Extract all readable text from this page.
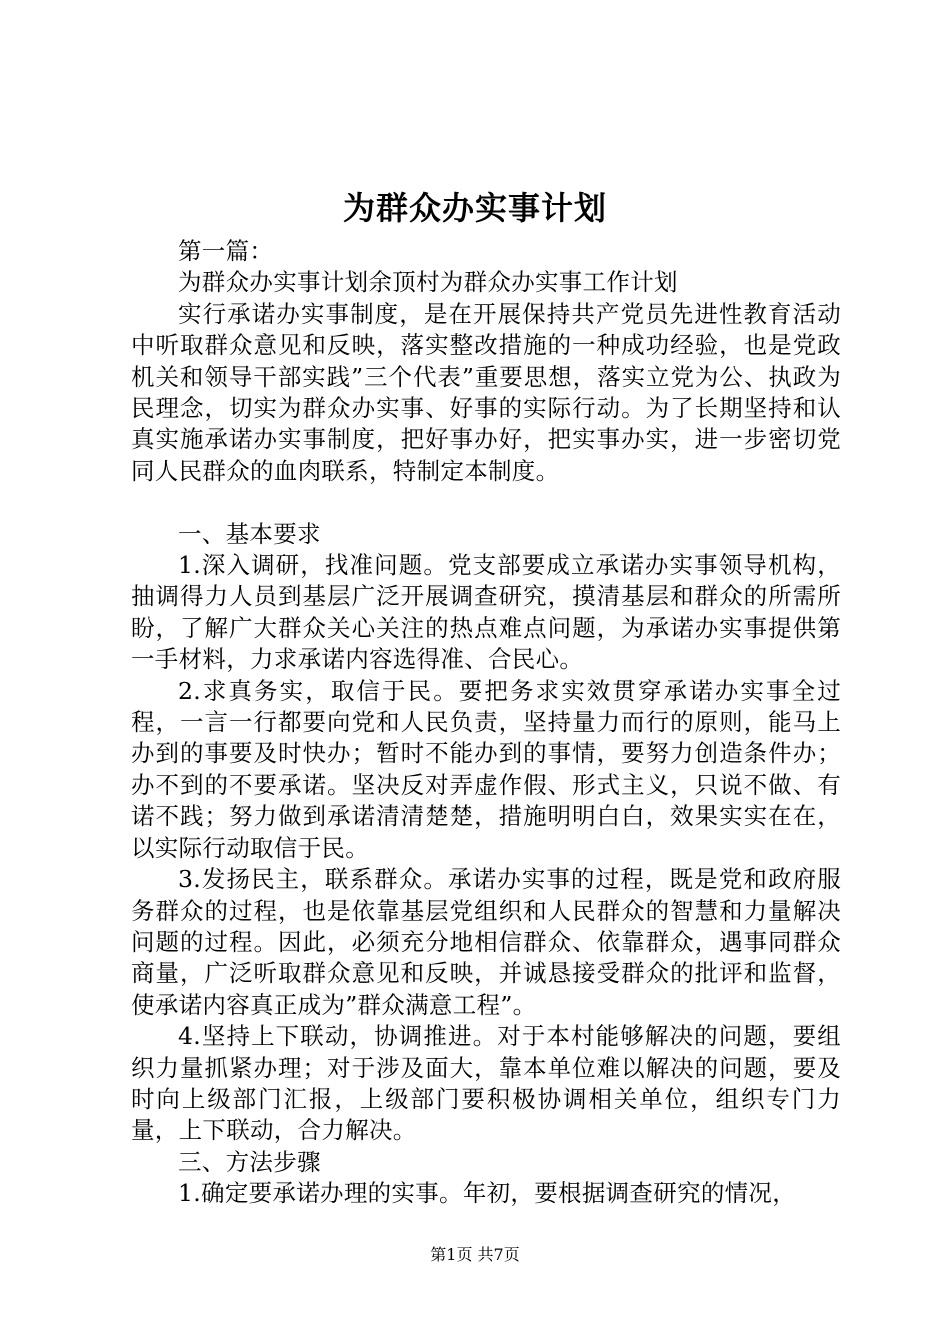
为群众办实事计划

第一篇：

为群众办实事计划余顶村为群众办实事工作计划

实行承诺办实事制度，是在开展保持共产党员先进性教育活动中听取群众意见和反映，落实整改措施的一种成功经验，也是党政机关和领导干部实践”三个代表”重要思想，落实立党为公、执政为民理念，切实为群众办实事、好事的实际行动。为了长期坚持和认真实施承诺办实事制度，把好事办好，把实事办实，进一步密切党同人民群众的血肉联系，特制定本制度。

一、基本要求

1.深入调研，找准问题。党支部要成立承诺办实事领导机构，抽调得力人员到基层广泛开展调查研究，摸清基层和群众的所需所盼，了解广大群众关心关注的热点难点问题，为承诺办实事提供第一手材料，力求承诺内容选得准、合民心。

2.求真务实，取信于民。要把务求实效贯穿承诺办实事全过程，一言一行都要向党和人民负责，坚持量力而行的原则，能马上办到的事要及时快办；暂时不能办到的事情，要努力创造条件办；办不到的不要承诺。坚决反对弄虚作假、形式主义，只说不做、有诺不践；努力做到承诺清清楚楚，措施明明白白，效果实实在在，以实际行动取信于民。

3.发扬民主，联系群众。承诺办实事的过程，既是党和政府服务群众的过程，也是依靠基层党组织和人民群众的智慧和力量解决问题的过程。因此，必须充分地相信群众、依靠群众，遇事同群众商量，广泛听取群众意见和反映，并诚恳接受群众的批评和监督，使承诺内容真正成为”群众满意工程”。

4.坚持上下联动，协调推进。对于本村能够解决的问题，要组织力量抓紧办理；对于涉及面大，靠本单位难以解决的问题，要及时向上级部门汇报，上级部门要积极协调相关单位，组织专门力量，上下联动，合力解决。

三、方法步骤

1.确定要承诺办理的实事。年初，要根据调查研究的情况，

第1页 共7页
